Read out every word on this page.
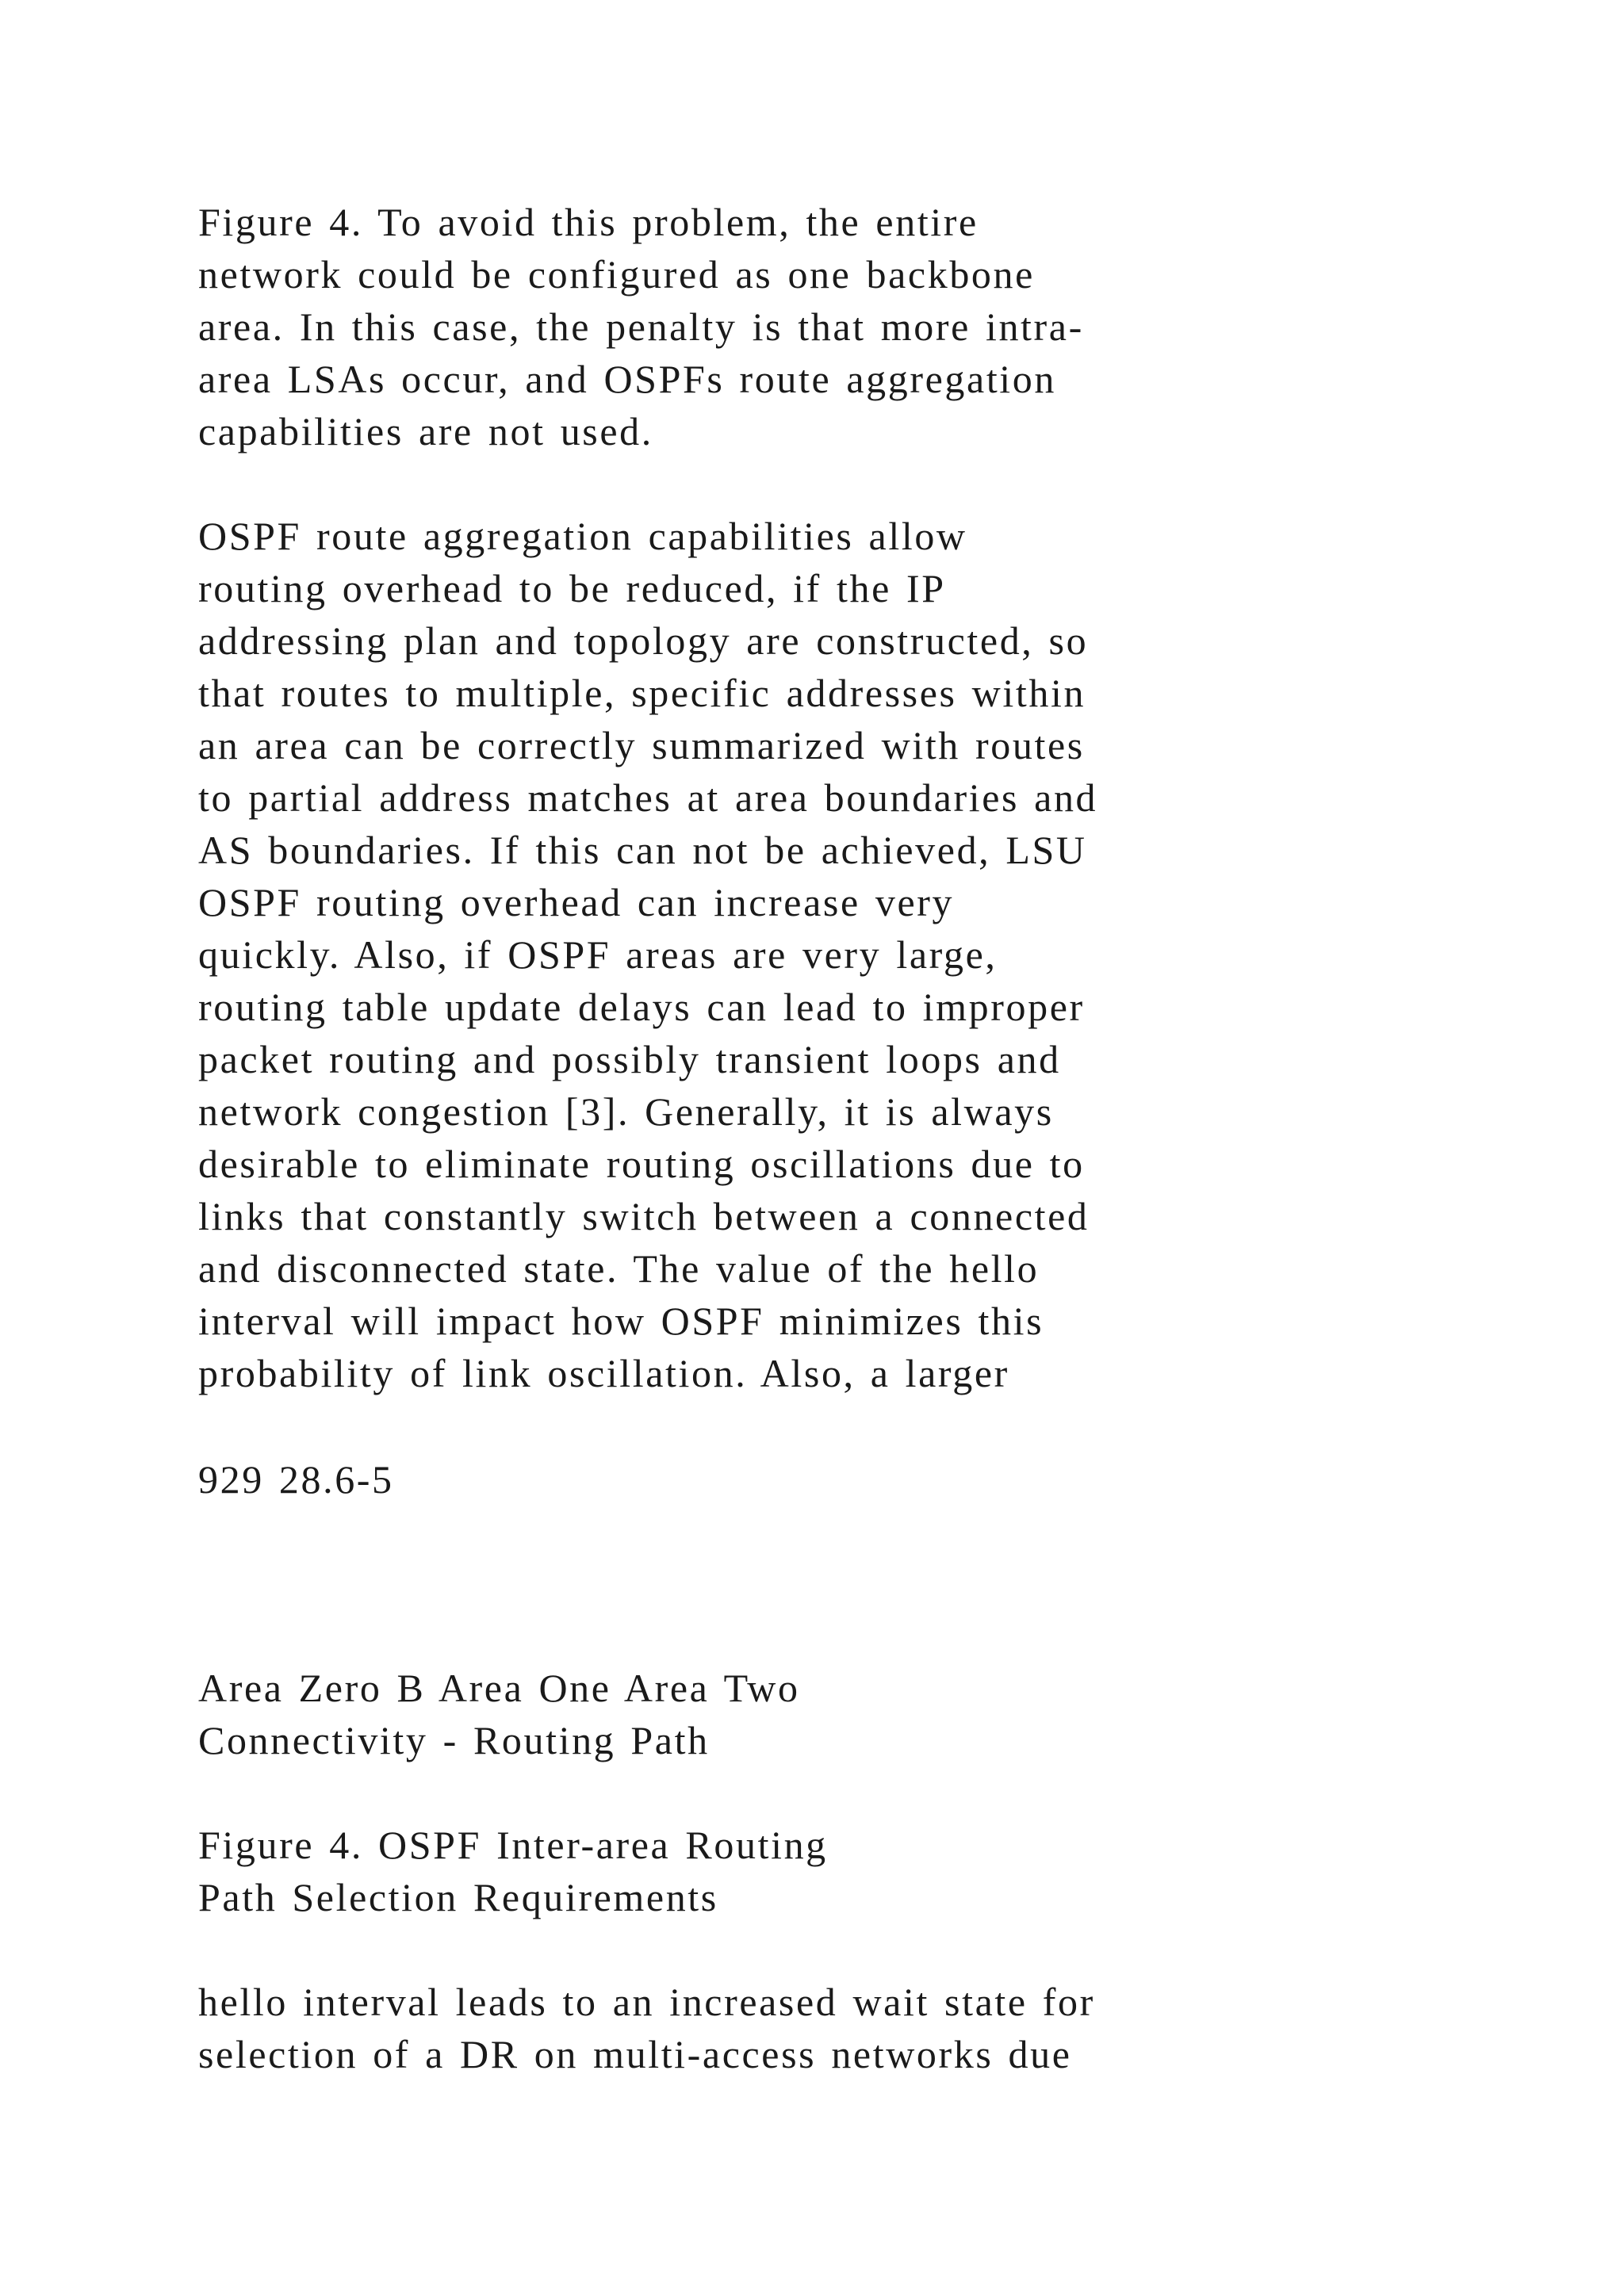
Figure 4. To avoid this problem, the entire
network could be configured as one backbone
area. In this case, the penalty is that more intra-
area LSAs occur, and OSPFs route aggregation
capabilities are not used.
OSPF route aggregation capabilities allow
routing overhead to be reduced, if the IP
addressing plan and topology are constructed, so
that routes to multiple, specific addresses within
an area can be correctly summarized with routes
to partial address matches at area boundaries and
AS boundaries. If this can not be achieved, LSU
OSPF routing overhead can increase very
quickly. Also, if OSPF areas are very large,
routing table update delays can lead to improper
packet routing and possibly transient loops and
network congestion [3]. Generally, it is always
desirable to eliminate routing oscillations due to
links that constantly switch between a connected
and disconnected state. The value of the hello
interval will impact how OSPF minimizes this
probability of link oscillation. Also, a larger
929 28.6-5
Area Zero B Area One Area Two
Connectivity - Routing Path
Figure 4. OSPF Inter-area Routing
Path Selection Requirements
hello interval leads to an increased wait state for
selection of a DR on multi-access networks due
